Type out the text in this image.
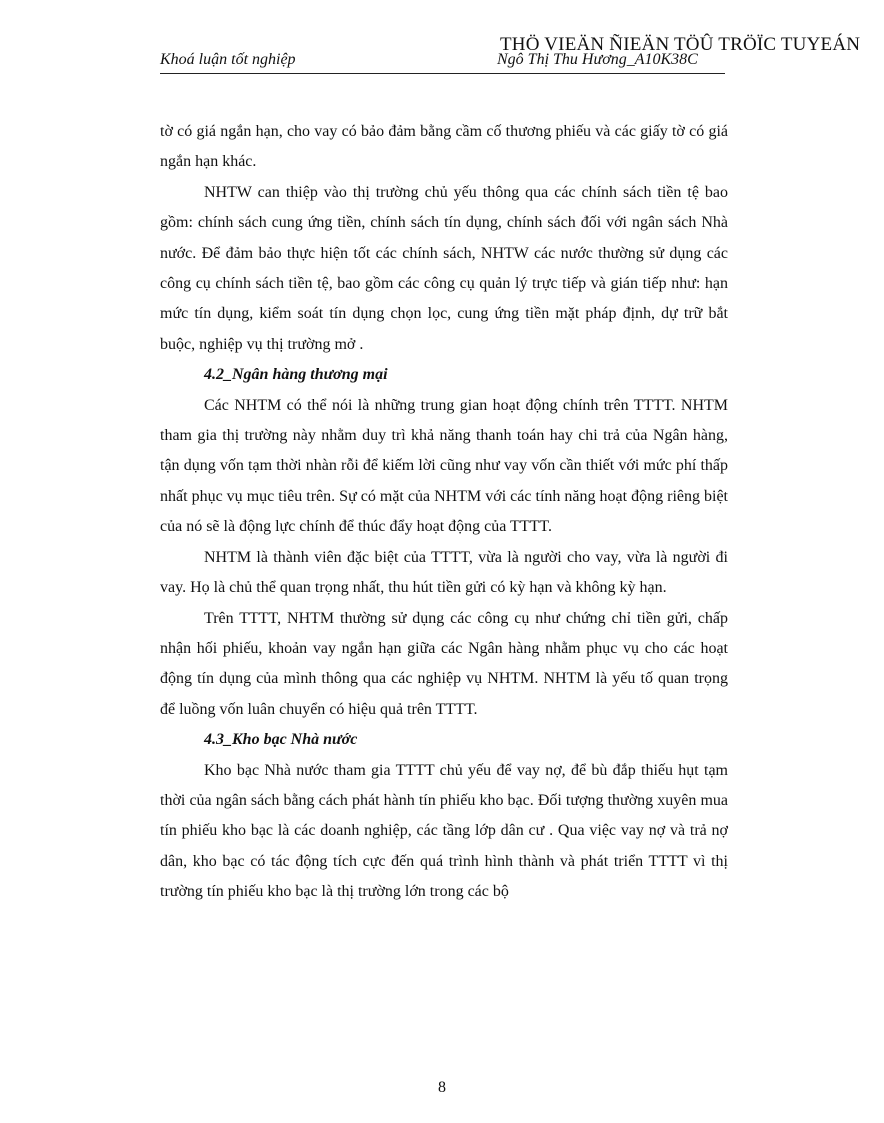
THÖ VIEÄN ÑIEÄN TÖÛ TRÖÏC TUYEÁN
Khoá luận tốt nghiệp	Ngô Thị Thu Hương_A10K38C

tờ có giá ngắn hạn, cho vay có bảo đảm bằng cầm cố thương phiếu và các giấy tờ có giá ngắn hạn khác.

NHTW can thiệp vào thị trường chủ yếu thông qua các chính sách tiền tệ bao gồm: chính sách cung ứng tiền, chính sách tín dụng, chính sách đối với ngân sách Nhà nước. Để đảm bảo thực hiện tốt các chính sách, NHTW các nước thường sử dụng các công cụ chính sách tiền tệ, bao gồm các công cụ quản lý trực tiếp và gián tiếp như: hạn mức tín dụng, kiểm soát tín dụng chọn lọc, cung ứng tiền mặt pháp định, dự trữ bắt buộc, nghiệp vụ thị trường mở .

4.2_Ngân hàng thương mại

Các NHTM có thể nói là những trung gian hoạt động chính trên TTTT. NHTM tham gia thị trường này nhằm duy trì khả năng thanh toán hay chi trả của Ngân hàng, tận dụng vốn tạm thời nhàn rỗi để kiếm lời cũng như vay vốn cần thiết với mức phí thấp nhất phục vụ mục tiêu trên. Sự có mặt của NHTM với các tính năng hoạt động riêng biệt của nó sẽ là động lực chính để thúc đẩy hoạt động của TTTT.

NHTM là thành viên đặc biệt của TTTT, vừa là người cho vay, vừa là người đi vay. Họ là chủ thể quan trọng nhất, thu hút tiền gửi có kỳ hạn và không kỳ hạn.

Trên TTTT, NHTM thường sử dụng các công cụ như chứng chỉ tiền gửi, chấp nhận hối phiếu, khoản vay ngắn hạn giữa các Ngân hàng nhằm phục vụ cho các hoạt động tín dụng của mình thông qua các nghiệp vụ NHTM. NHTM là yếu tố quan trọng để luồng vốn luân chuyển có hiệu quả trên TTTT.

4.3_Kho bạc Nhà nước

Kho bạc Nhà nước tham gia TTTT chủ yếu để vay nợ, để bù đắp thiếu hụt tạm thời của ngân sách bằng cách phát hành tín phiếu kho bạc. Đối tượng thường xuyên mua tín phiếu kho bạc là các doanh nghiệp, các tầng lớp dân cư . Qua việc vay nợ và trả nợ dân, kho bạc có tác động tích cực đến quá trình hình thành và phát triển TTTT vì thị trường tín phiếu kho bạc là thị trường lớn trong các bộ

8
